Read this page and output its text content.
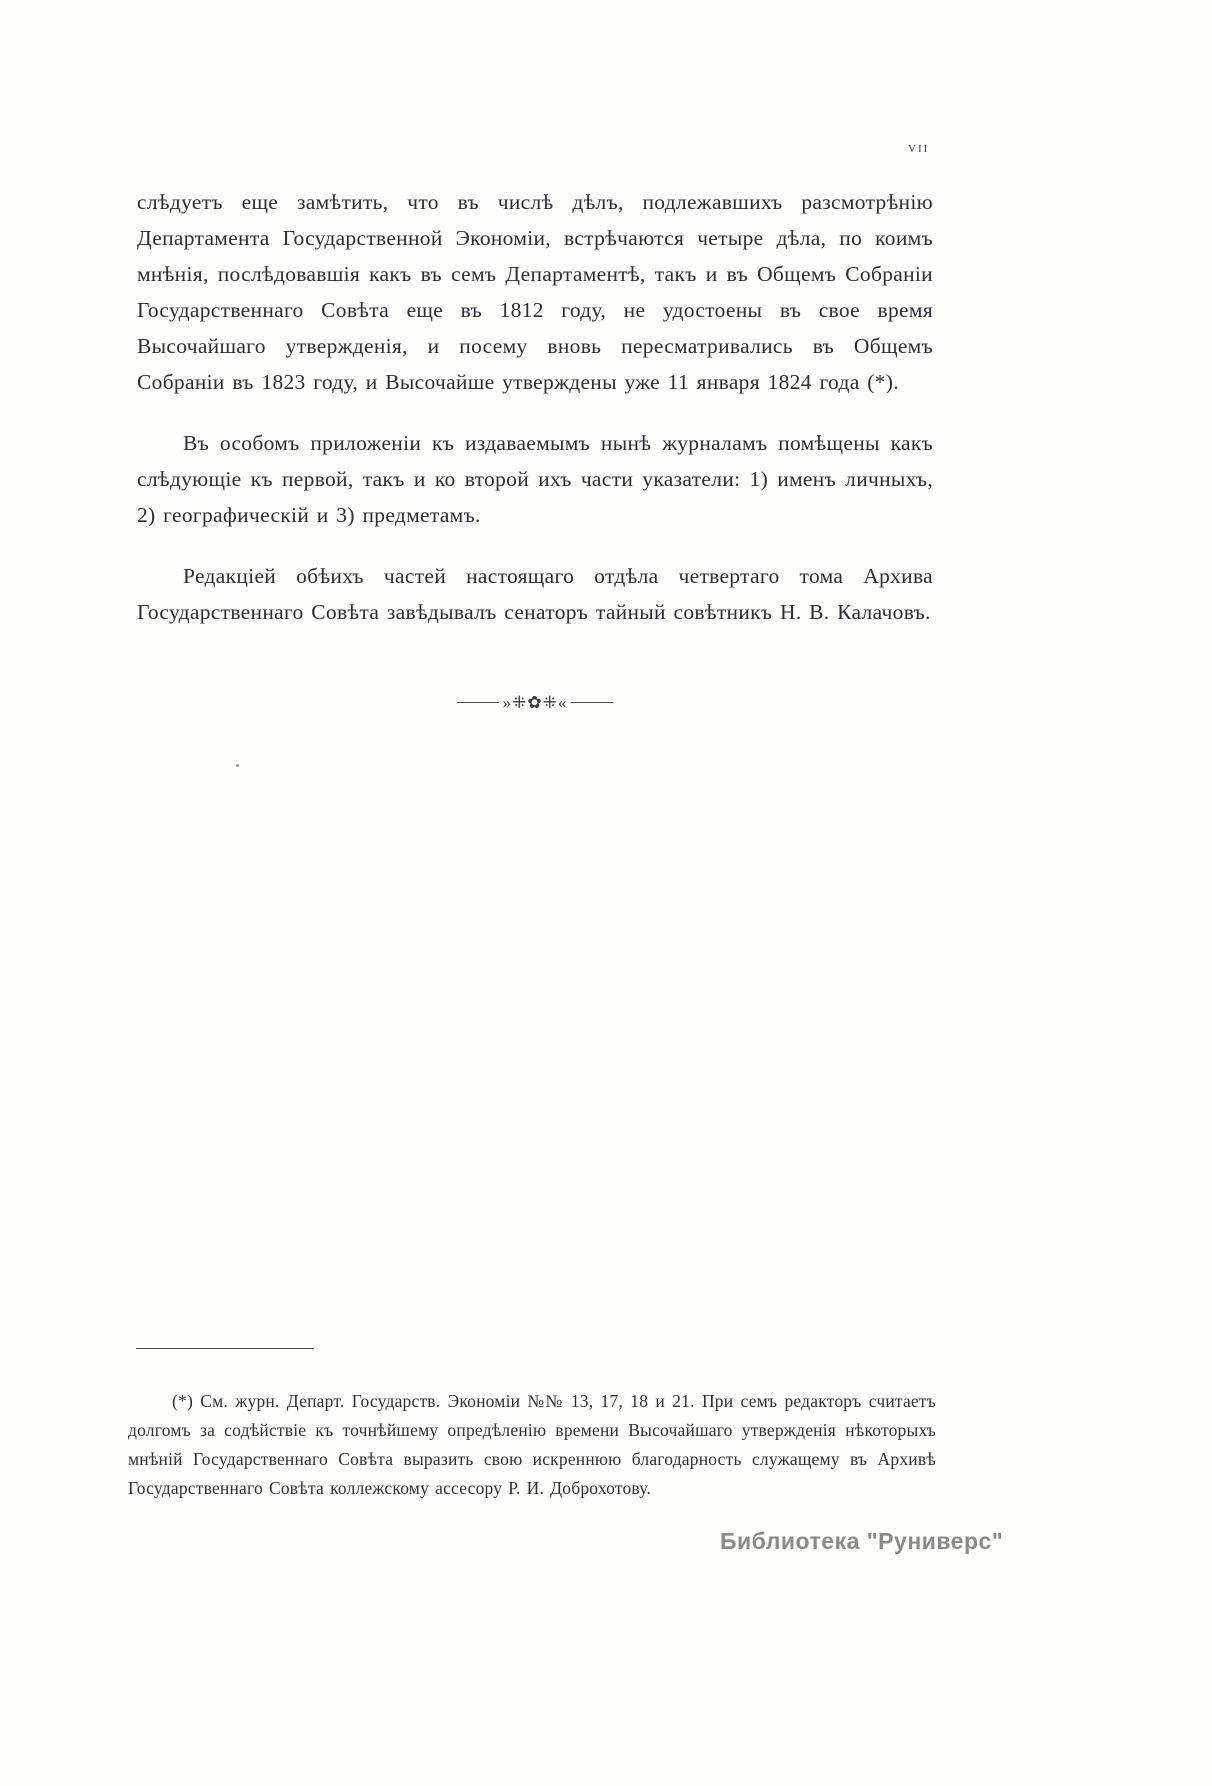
vii

слѣдуетъ еще замѣтить, что въ числѣ дѣлъ, подлежавшихъ разсмотрѣнію Департамента Государственной Экономіи, встрѣчаются четыре дѣла, по коимъ мнѣнія, послѣдовавшія какъ въ семъ Департаментѣ, такъ и въ Общемъ Собраніи Государственнаго Совѣта еще въ 1812 году, не удостоены въ свое время Высочайшаго утвержденія, и посему вновь пересматривались въ Общемъ Собраніи въ 1823 году, и Высочайше утверждены уже 11 января 1824 года (*).

Въ особомъ приложеніи къ издаваемымъ нынѣ журналамъ помѣщены какъ слѣдующіе къ первой, такъ и ко второй ихъ части указатели: 1) именъ личныхъ, 2) географическій и 3) предметамъ.

Редакціей обѣихъ частей настоящаго отдѣла четвертаго тома Архива Государственнаго Совѣта завѣдывалъ сенаторъ тайный совѣтникъ Н. В. Калачовъ.

»⁜✿⁜«

(*) См. журн. Департ. Государств. Экономіи №№ 13, 17, 18 и 21. При семъ редакторъ считаетъ долгомъ за содѣйствіе къ точнѣйшему опредѣленію времени Высочайшаго утвержденія нѣкоторыхъ мнѣній Государственнаго Совѣта выразить свою искреннюю благодарность служащему въ Архивѣ Государственнаго Совѣта коллежскому ассесору Р. И. Доброхотову.

Библиотека "Руниверс"
